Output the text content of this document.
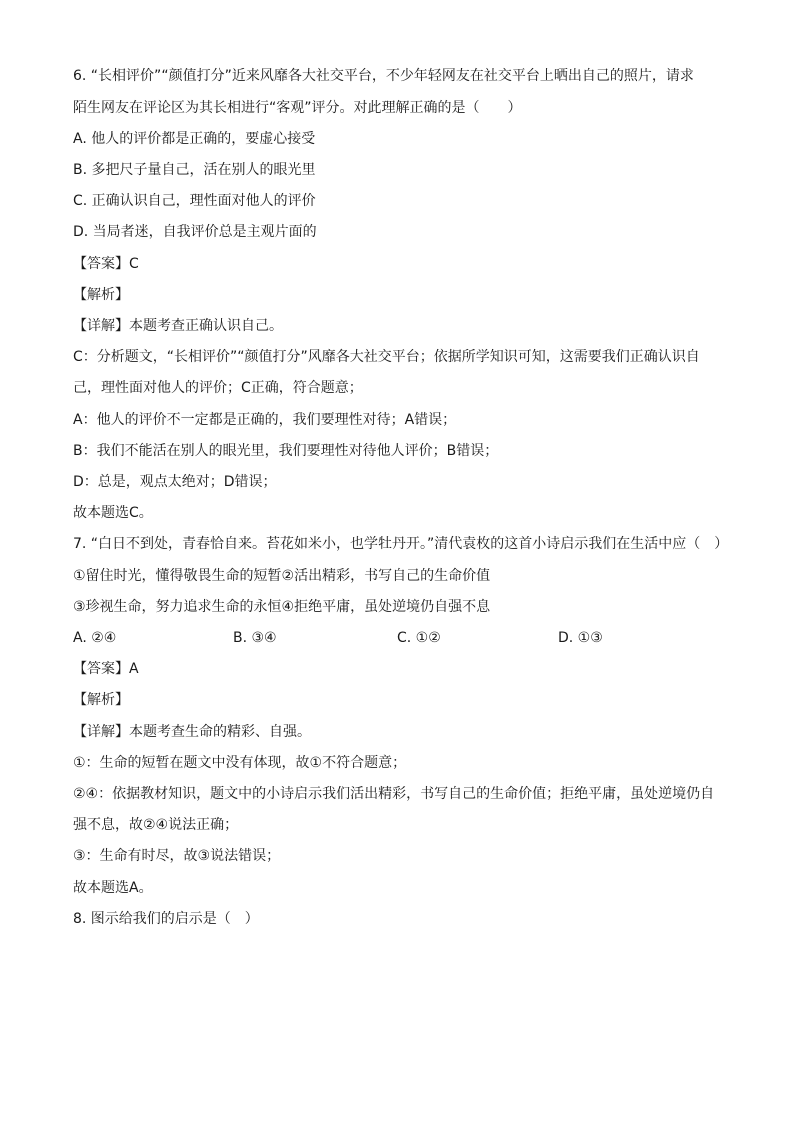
6. “长相评价”“颜值打分”近来风靡各大社交平台，不少年轻网友在社交平台上晒出自己的照片，请求
陌生网友在评论区为其长相进行“客观”评分。对此理解正确的是（　　）
A. 他人的评价都是正确的，要虚心接受
B. 多把尺子量自己，活在别人的眼光里
C. 正确认识自己，理性面对他人的评价
D. 当局者迷，自我评价总是主观片面的
【答案】C
【解析】
【详解】本题考查正确认识自己。
C：分析题文，“长相评价”“颜值打分”风靡各大社交平台；依据所学知识可知，这需要我们正确认识自
己，理性面对他人的评价；C正确，符合题意；
A：他人的评价不一定都是正确的，我们要理性对待；A错误；
B：我们不能活在别人的眼光里，我们要理性对待他人评价；B错误；
D：总是，观点太绝对；D错误；
故本题选C。
7. “白日不到处，青春恰自来。苔花如米小，也学牡丹开。”清代袁枚的这首小诗启示我们在生活中应（　）
①留住时光，懂得敬畏生命的短暂②活出精彩，书写自己的生命价值
③珍视生命，努力追求生命的永恒④拒绝平庸，虽处逆境仍自强不息
A. ②④	B. ③④	C. ①②	D. ①③
【答案】A
【解析】
【详解】本题考查生命的精彩、自强。
①：生命的短暂在题文中没有体现，故①不符合题意；
②④：依据教材知识，题文中的小诗启示我们活出精彩，书写自己的生命价值；拒绝平庸，虽处逆境仍自
强不息，故②④说法正确；
③：生命有时尽，故③说法错误；
故本题选A。
8. 图示给我们的启示是（　）
